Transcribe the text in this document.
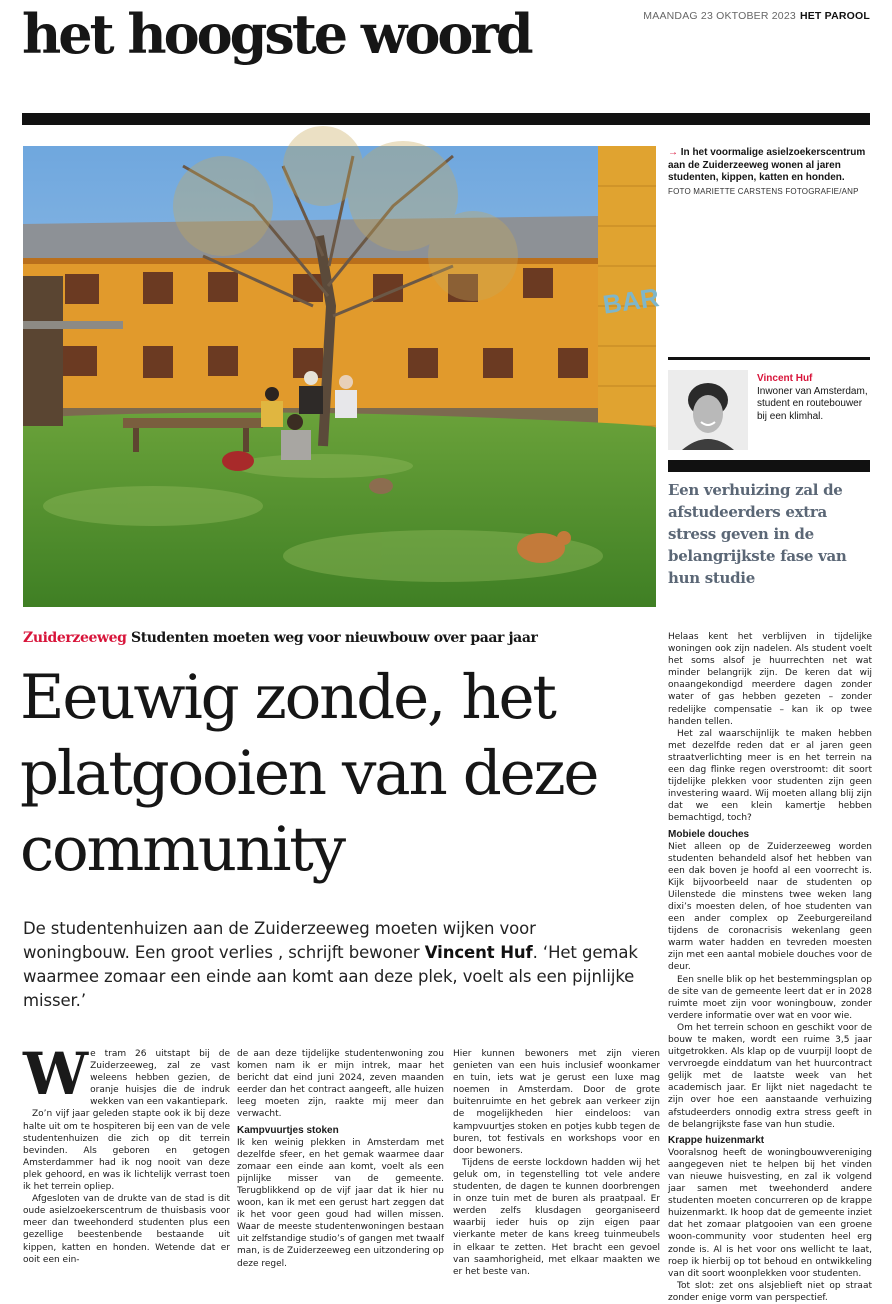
het hoogste woord	MAANDAG 23 OKTOBER 2023 HET PAROOL
BAR
→ In het voormalige asielzoekerscentrum aan de Zuiderzeeweg wonen al jaren studenten, kippen, katten en honden.
FOTO MARIETTE CARSTENS FOTOGRAFIE/ANP
Vincent Huf
Inwoner van Amsterdam, student en routebouwer bij een klimhal.
Een verhuizing zal de afstudeerders extra stress geven in de belangrijkste fase van hun studie
Zuiderzeeweg Studenten moeten weg voor nieuwbouw over paar jaar
Eeuwig zonde, het platgooien van deze community
De studentenhuizen aan de Zuiderzeeweg moeten wijken voor woningbouw. Een groot verlies , schrijft bewoner Vincent Huf. ‘Het gemak waarmee zomaar een einde aan komt aan deze plek, voelt als een pijnlijke misser.’
W e tram 26 uitstapt bij de Zuiderzeeweg, zal ze vast weleens hebben gezien, de oranje huisjes die de indruk wekken van een vakantiepark.

Zo’n vijf jaar geleden stapte ook ik bij deze halte uit om te hospiteren bij een van de vele studentenhuizen die zich op dit terrein bevinden. Als geboren en getogen Amsterdammer had ik nog nooit van deze plek gehoord, en was ik lichtelijk verrast toen ik het terrein opliep.

Afgesloten van de drukte van de stad is dit oude asielzoekerscentrum de thuisbasis voor meer dan tweehonderd studenten plus een gezellige beestenbende bestaande uit kippen, katten en honden. Wetende dat er ooit een ein-

de aan deze tijdelijke studentenwoning zou komen nam ik er mijn intrek, maar het bericht dat eind juni 2024, zeven maanden eerder dan het contract aangeeft, alle huizen leeg moeten zijn, raakte mij meer dan verwacht.

Kampvuurtjes stoken

Ik ken weinig plekken in Amsterdam met dezelfde sfeer, en het gemak waarmee daar zomaar een einde aan komt, voelt als een pijnlijke misser van de gemeente. Terugblikkend op de vijf jaar dat ik hier nu woon, kan ik met een gerust hart zeggen dat ik het voor geen goud had willen missen. Waar de meeste studentenwoningen bestaan uit zelfstandige studio’s of gangen met twaalf man, is de Zuiderzeeweg een uitzondering op deze regel.

Hier kunnen bewoners met zijn vieren genieten van een huis inclusief woonkamer en tuin, iets wat je gerust een luxe mag noemen in Amsterdam. Door de grote buitenruimte en het gebrek aan verkeer zijn de mogelijkheden hier eindeloos: van kampvuurtjes stoken en potjes kubb tegen de buren, tot festivals en workshops voor en door bewoners.

Tijdens de eerste lockdown hadden wij het geluk om, in tegenstelling tot vele andere studenten, de dagen te kunnen doorbrengen in onze tuin met de buren als praatpaal. Er werden zelfs klusdagen georganiseerd waarbij ieder huis op zijn eigen paar vierkante meter de kans kreeg tuinmeubels in elkaar te zetten. Het bracht een gevoel van saamhorigheid, met elkaar maakten we er het beste van.

Helaas kent het verblijven in tijdelijke woningen ook zijn nadelen. Als student voelt het soms alsof je huurrechten net wat minder belangrijk zijn. De keren dat wij onaangekondigd meerdere dagen zonder water of gas hebben gezeten – zonder redelijke compensatie – kan ik op twee handen tellen.

Het zal waarschijnlijk te maken hebben met dezelfde reden dat er al jaren geen straatverlichting meer is en het terrein na een dag flinke regen overstroomt: dit soort tijdelijke plekken voor studenten zijn geen investering waard. Wij moeten allang blij zijn dat we een klein kamertje hebben bemachtigd, toch?

Mobiele douches

Niet alleen op de Zuiderzeeweg worden studenten behandeld alsof het hebben van een dak boven je hoofd al een voorrecht is. Kijk bijvoorbeeld naar de studenten op Uilenstede die minstens twee weken lang dixi’s moesten delen, of hoe studenten van een ander complex op Zeeburgereiland tijdens de coronacrisis wekenlang geen warm water hadden en tevreden moesten zijn met een aantal mobiele douches voor de deur.

Een snelle blik op het bestemmingsplan op de site van de gemeente leert dat er in 2028 ruimte moet zijn voor woningbouw, zonder verdere informatie over wat en voor wie.

Om het terrein schoon en geschikt voor de bouw te maken, wordt een ruime 3,5 jaar uitgetrokken. Als klap op de vuurpijl loopt de vervroegde einddatum van het huurcontract gelijk met de laatste week van het academisch jaar. Er lijkt niet nagedacht te zijn over hoe een aanstaande verhuizing afstudeerders onnodig extra stress geeft in de belangrijkste fase van hun studie.

Krappe huizenmarkt

Vooralsnog heeft de woningbouwvereniging aangegeven niet te helpen bij het vinden van nieuwe huisvesting, en zal ik volgend jaar samen met tweehonderd andere studenten moeten concurreren op de krappe huizenmarkt. Ik hoop dat de gemeente inziet dat het zomaar platgooien van een groene woon-community voor studenten heel erg zonde is. Al is het voor ons wellicht te laat, roep ik hierbij op tot behoud en ontwikkeling van dit soort woonplekken voor studenten.

Tot slot: zet ons alsjeblieft niet op straat zonder enige vorm van perspectief.
